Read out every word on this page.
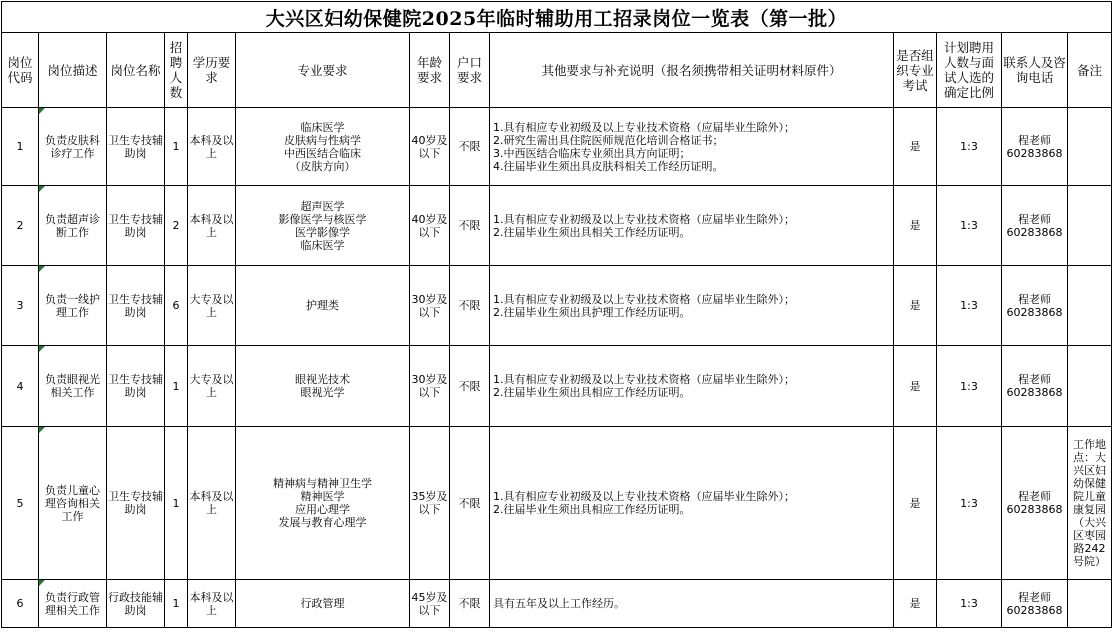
大兴区妇幼保健院2025年临时辅助用工招录岗位一览表（第一批）												
岗位代码	岗位描述	岗位名称	招聘人数	学历要求	专业要求	年龄要求	户口要求	其他要求与补充说明（报名须携带相关证明材料原件）	是否组织专业考试	计划聘用人数与面试人选的确定比例	联系人及咨询电话	备注
1	负责皮肤科诊疗工作	卫生专技辅助岗	1	本科及以上	临床医学
皮肤病与性病学
中西医结合临床
（皮肤方向）	40岁及以下	不限	1.具有相应专业初级及以上专业技术资格（应届毕业生除外）；
2.研究生需出具住院医师规范化培训合格证书；
3.中西医结合临床专业须出具方向证明；
4.往届毕业生须出具皮肤科相关工作经历证明。	是	1:3	程老师
60283868	

2	负责超声诊断工作	卫生专技辅助岗	2	本科及以上	超声医学
影像医学与核医学
医学影像学
临床医学	40岁及以下	不限	1.具有相应专业初级及以上专业技术资格（应届毕业生除外）；
2.往届毕业生须出具相关工作经历证明。	是	1:3	程老师
60283868	

3	负责一线护理工作	卫生专技辅助岗	6	大专及以上	护理类	30岁及以下	不限	1.具有相应专业初级及以上专业技术资格（应届毕业生除外）；
2.往届毕业生须出具护理工作经历证明。	是	1:3	程老师
60283868	

4	负责眼视光相关工作	卫生专技辅助岗	1	大专及以上	眼视光技术
眼视光学	30岁及以下	不限	1.具有相应专业初级及以上专业技术资格（应届毕业生除外）；
2.往届毕业生须出具相应工作经历证明。	是	1:3	程老师
60283868	

5	负责儿童心理咨询相关工作	卫生专技辅助岗	1	本科及以上	精神病与精神卫生学
精神医学
应用心理学
发展与教育心理学	35岁及以下	不限	1.具有相应专业初级及以上专业技术资格（应届毕业生除外）；
2.往届毕业生须出具相应工作经历证明。	是	1:3	程老师
60283868	工作地点：大兴区妇幼保健院儿童康复园（大兴区枣园路242号院）
6	负责行政管理相关工作	行政技能辅助岗	1	本科及以上	行政管理	45岁及以下	不限	具有五年及以上工作经历。	是	1:3	程老师
60283868	
